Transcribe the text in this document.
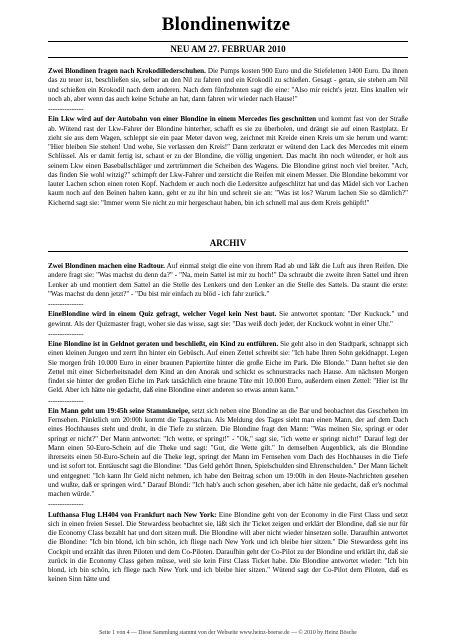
Blondinenwitze
NEU AM 27. FEBRUAR 2010

Zwei Blondinen fragen nach Krokodillederschuhen. Die Pumps kosten 900 Euro und die Stiefeletten 1400 Euro. Da ihnen das zu teuer ist, beschließen sie, selber an den Nil zu fahren und ein Krokodil zu schießen. Gesagt - getan, sie stehen am Nil und schießen ein Krokodil nach dem anderen. Nach dem fünfzehnten sagt die eine: "Also mir reicht's jetzt. Eins knallen wir noch ab, aber wenn das auch keine Schuhe an hat, dann fahren wir wieder nach Hause!"

---------------

Ein Lkw wird auf der Autobahn von einer Blondine in einem Mercedes fies geschnitten und kommt fast von der Straße ab. Wütend rast der Lkw-Fahrer der Blondine hinterher, schafft es sie zu überholen, und drängt sie auf einen Rastplatz. Er zieht sie aus dem Wagen, schleppt sie ein paar Meter davon weg, zeichnet mit Kreide einen Kreis um sie herum und warnt: "Hier bleiben Sie stehen! Und wehe, Sie verlassen den Kreis!" Dann zerkratzt er wütend den Lack des Mercedes mit einem Schlüssel. Als er damit fertig ist, schaut er zu der Blondine, die völlig ungeniert. Das macht ihn noch wütender, er holt aus seinem Lkw einen Baseballschläger und zertrümmert die Scheiben des Wagens. Die Blondine grinst noch viel breiter. "Ach, das finden Sie wohl witzig?" schimpft der Lkw-Fahrer und zersticht die Reifen mit einem Messer. Die Blondine bekommt vor lauter Lachen schon einen roten Kopf. Nachdem er auch noch die Ledersitze aufgeschlitzt hat und das Mädel sich vor Lachen kaum noch auf den Beinen halten kann, geht er zu ihr hin und schreit sie an: "Was ist los? Warum lachen Sie so dämlich?" Kichernd sagt sie: "Immer wenn Sie nicht zu mir hergeschaut haben, bin ich schnell mal aus dem Kreis gehüpft!"

ARCHIV

Zwei Blondinen machen eine Radtour. Auf einmal steigt die eine von ihrem Rad ab und läßt die Luft aus ihren Reifen. Die andere fragt sie: "Was machst du denn da?" - "Na, mein Sattel ist mir zu hoch!" Da schraubt die zweite ihren Sattel und ihren Lenker ab und montiert dem Sattel an die Stelle des Lenkers und den Lenker an die Stelle des Sattels. Da staunt die erste: "Was machst du denn jetzt?" - "Du bist mir einfach zu blöd - ich fahr zurück."

---------------

EineBlondine wird in einem Quiz gefragt, welcher Vogel kein Nest baut. Sie antwortet spontan: "Der Kuckuck." und gewinnt. Als der Quizmaster fragt, woher sie das wisse, sagt sie: "Das weiß doch jeder, der Kuckuck wohnt in einer Uhr."

---------------

Eine Blondine ist in Geldnot geraten und beschließt, ein Kind zu entführen. Sie geht also in den Stadtpark, schnappt sich einen kleinen Jungen und zerrt ihn hinter ein Gebüsch. Auf einen Zettel schreibt sie: "Ich habe Ihren Sohn gekidnappt. Legen Sie morgen früh 10.000 Euro in einer braunen Papiertüte hinter die große Eiche im Park. Die Blonde." Dann heftet sie den Zettel mit einer Sicherheitsnadel dem Kind an den Anorak und schickt es schnurstracks nach Hause. Am nächsten Morgen findet sie hinter der großen Eiche im Park tatsächlich eine braune Tüte mit 10.000 Euro, außerdem einen Zettel: "Hier ist Ihr Geld. Aber ich hätte nie gedacht, daß eine Blondine einer anderen so etwas antun kann."

---------------

Ein Mann geht um 19:45h seine Stammkneipe, setzt sich neben eine Blondine an die Bar und beobachtet das Geschehen im Fernsehen. Pünktlich um 20:00h kommt die Tagesschau. Als Meldung des Tages sieht man einen Mann, der auf dem Dach eines Hochhauses steht und droht, in die Tiefe zu stürzen. Die Blondine fragt den Mann: "Was meinen Sie, springt er oder springt er nicht?" Der Mann antwortet: "Ich wette, er springt!" - "Ok," sagt sie, "ich wette er springt nicht!" Darauf legt der Mann einen 50-Euro-Schein auf die Theke und sagt: "Gut, die Wette gilt." In demselben Augenblick, als die Blondine ihrerseits einen 50-Euro-Schein auf die Theke legt, springt der Mann im Fernsehen vom Dach des Hochhauses in die Tiefe und ist sofort tot. Enttäuscht sagt die Blondine: "Das Geld gehört Ihnen, Spielschulden sind Ehrenschulden." Der Mann lächelt und entgegnet: "Ich kann Ihr Geld nicht nehmen, ich habe den Beitrag schon um 19:00h in den Heute-Nachrichten gesehen und wußte, daß er springen wird." Darauf Blondi: "Ich hab's auch schon gesehen, aber ich hätte nie gedacht, daß er's nochmal machen würde."

---------------

Lufthansa Flug LH404 von Frankfurt nach New York: Eine Blondine geht von der Economy in die First Class und setzt sich in einen freien Sessel. Die Stewardess beobachtet sie, läßt sich ihr Ticket zeigen und erklärt der Blondine, daß sie nur für die Economy Class bezahlt hat und dort sitzen muß. Die Blondine will aber nicht wieder hinsetzen solle. Daraufhin antwortet die Blondine: "Ich bin blond, ich bin schön, ich fliege nach New York und ich bleibe hier sitzen." Die Stewardess geht ins Cockpit und erzählt das ihren Piloten und dem Co-Piloten. Daraufhin geht der Co-Pilot zu der Blondine und erklärt ihr, daß sie zurück in die Economy Class gehen müsse, weil sie kein First Class Ticket habe. Die Blondine antwortet wieder: "Ich bin blond, ich bin schön, ich fliege nach New York und ich bleibe hier sitzen." Wütend sagt der Co-Pilot dem Piloten, daß es keinen Sinn hätte und

Seite 1 von 4 — Diese Sammlung stammt von der Webseite www.heinz-boerse.de — © 2010 by Heinz Bösche
